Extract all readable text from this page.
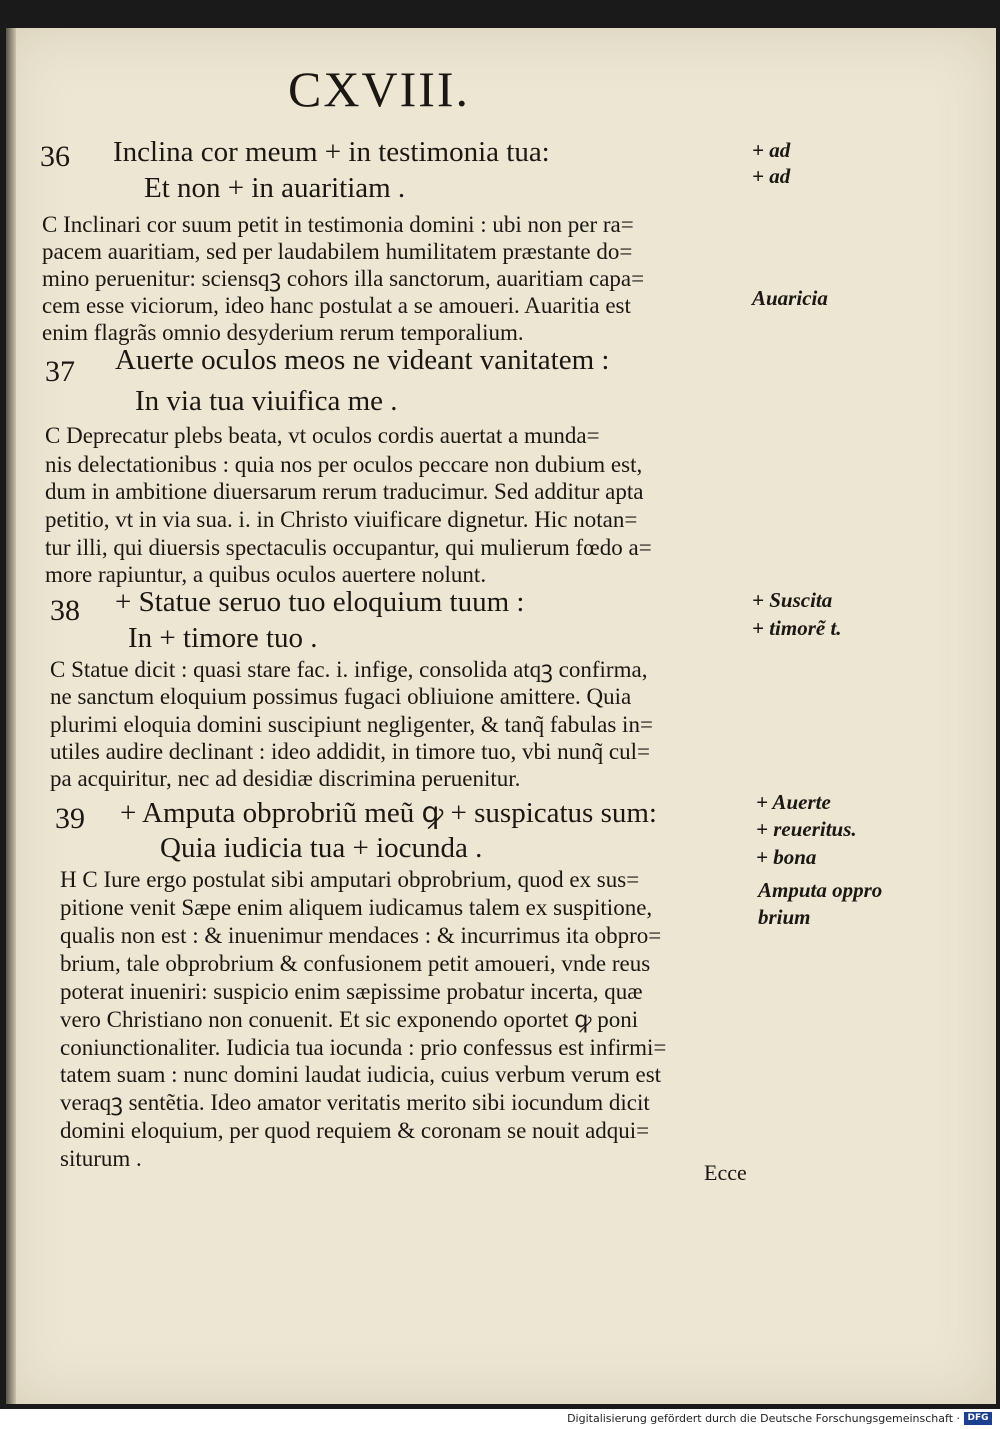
CXVIII.
36 Inclina cor meum + in testimonia tua:
Et non + in auaritiam .
C Inclinari cor suum petit in testimonia domini : ubi non per ra=
pacem auaritiam, sed per laudabilem humilitatem præstante do=
mino peruenitur: sciensqꝫ cohors illa sanctorum, auaritiam capa=
cem esse viciorum, ideo hanc postulat a se amoueri. Auaritia est
enim flagrãs omnio desyderium rerum temporalium.
37 Auerte oculos meos ne videant vanitatem :
In via tua viuifica me .
C Deprecatur plebs beata, vt oculos cordis auertat a munda=
nis delectationibus : quia nos per oculos peccare non dubium est,
dum in ambitione diuersarum rerum traducimur. Sed additur apta
petitio, vt in via sua. i. in Christo viuificare dignetur. Hic notan=
tur illi, qui diuersis spectaculis occupantur, qui mulierum fœdo a=
more rapiuntur, a quibus oculos auertere nolunt.
38 + Statue seruo tuo eloquium tuum :
In + timore tuo .
C Statue dicit : quasi stare fac. i. infige, consolida atqꝫ confirma,
ne sanctum eloquium possimus fugaci obliuione amittere. Quia
plurimi eloquia domini suscipiunt negligenter, & tanq̃ fabulas in=
utiles audire declinant : ideo addidit, in timore tuo, vbi nunq̃ cul=
pa acquiritur, nec ad desidiæ discrimina peruenitur.
39 + Amputa obprobriũ meũ ꝙ + suspicatus sum:
Quia iudicia tua + iocunda .
H C Iure ergo postulat sibi amputari obprobrium, quod ex sus=
pitione venit Sæpe enim aliquem iudicamus talem ex suspitione,
qualis non est : & inuenimur mendaces : & incurrimus ita obpro=
brium, tale obprobrium & confusionem petit amoueri, vnde reus
poterat inueniri: suspicio enim sæpissime probatur incerta, quæ
vero Christiano non conuenit. Et sic exponendo oportet ꝙ poni
coniunctionaliter. Iudicia tua iocunda : prio confessus est infirmi=
tatem suam : nunc domini laudat iudicia, cuius verbum verum est
veraqꝫ sentẽtia. Ideo amator veritatis merito sibi iocundum dicit
domini eloquium, per quod requiem & coronam se nouit adqui=
siturum .
+ ad
+ ad
Auaricia
+ Suscita
+ timorẽ t.
+ Auerte
+ reueritus.
+ bona
Amputa oppro
brium
Ecce
Digitalisierung gefördert durch die Deutsche Forschungsgemeinschaft · DFG
